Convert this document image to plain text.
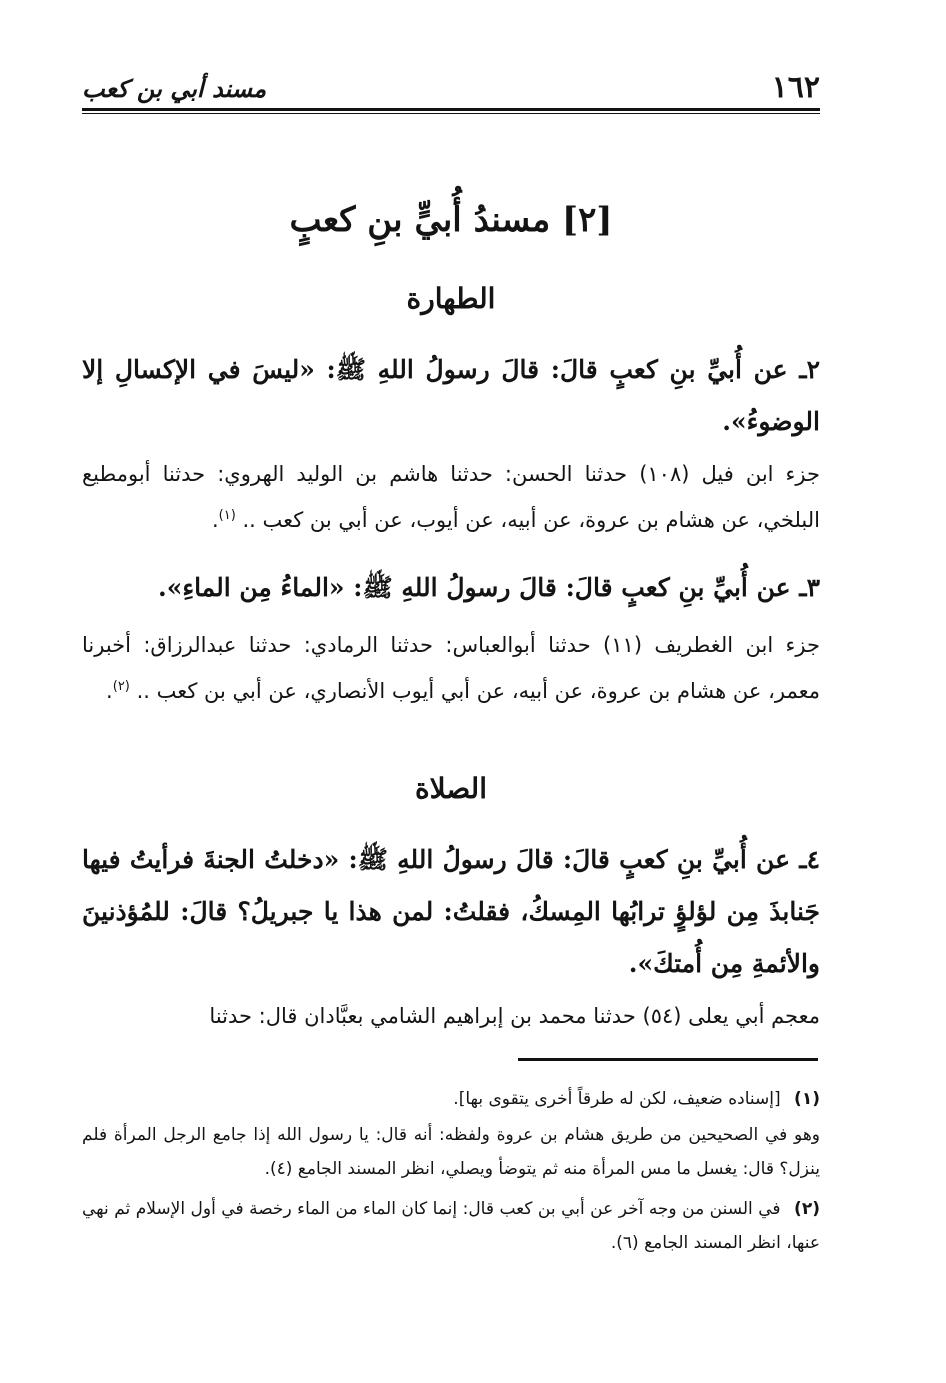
١٦٢
مسند أبي بن كعب
[٢] مسندُ أُبيٍّ بنِ كعبٍ
الطهارة
٢ـ عن أُبيِّ بنِ كعبٍ قالَ: قالَ رسولُ اللهِ ﷺ: «ليسَ في الإكسالِ إلا الوضوءُ».
جزء ابن فيل (١٠٨) حدثنا الحسن: حدثنا هاشم بن الوليد الهروي: حدثنا أبومطيع البلخي، عن هشام بن عروة، عن أبيه، عن أيوب، عن أبي بن كعب .. $^{(١)}$.
٣ـ عن أُبيِّ بنِ كعبٍ قالَ: قالَ رسولُ اللهِ ﷺ: «الماءُ مِن الماءِ».
جزء ابن الغطريف (١١) حدثنا أبوالعباس: حدثنا الرمادي: حدثنا عبدالرزاق: أخبرنا معمر، عن هشام بن عروة، عن أبيه، عن أبي أيوب الأنصاري، عن أبي بن كعب .. $^{(٢)}$.
الصلاة
٤ـ عن أُبيِّ بنِ كعبٍ قالَ: قالَ رسولُ اللهِ ﷺ: «دخلتُ الجنةَ فرأيتُ فيها جَنابذَ مِن لؤلؤٍ ترابُها المِسكُ، فقلتُ: لمن هذا يا جبريلُ؟ قالَ: للمُؤذنينَ والأئمةِ مِن أُمتكَ».
معجم أبي يعلى (٥٤) حدثنا محمد بن إبراهيم الشامي بعبَّادان قال: حدثنا
(١) [إسناده ضعيف، لكن له طرقاً أخرى يتقوى بها].
وهو في الصحيحين من طريق هشام بن عروة ولفظه: أنه قال: يا رسول الله إذا جامع الرجل المرأة فلم ينزل؟ قال: يغسل ما مس المرأة منه ثم يتوضأ ويصلي، انظر المسند الجامع (٤).
(٢) في السنن من وجه آخر عن أبي بن كعب قال: إنما كان الماء من الماء رخصة في أول الإسلام ثم نهي عنها، انظر المسند الجامع (٦).
